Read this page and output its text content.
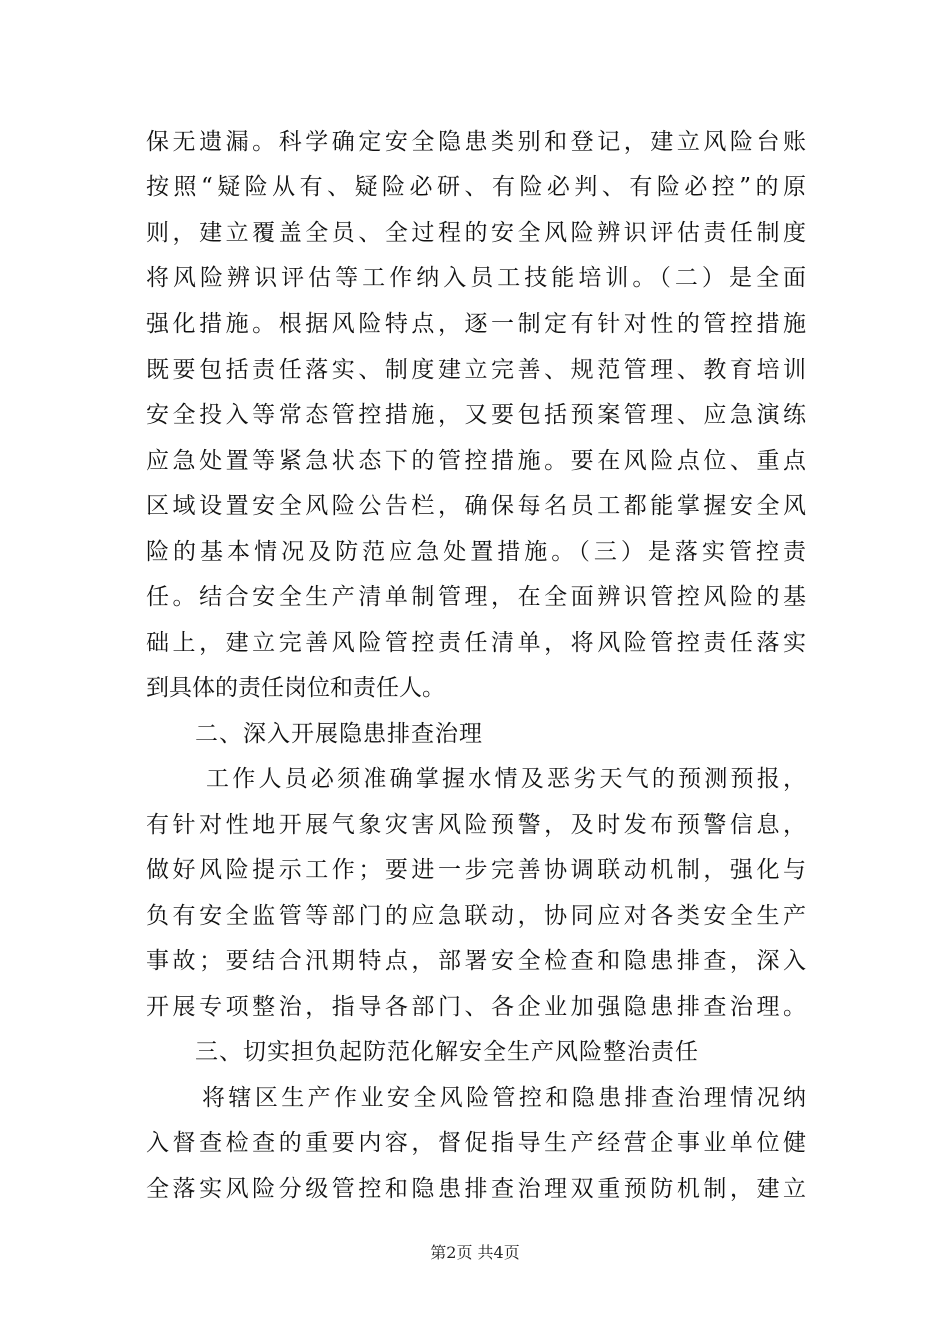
保无遗漏。科学确定安全隐患类别和登记，建立风险台账
按照“疑险从有、疑险必研、有险必判、有险必控”的原
则，建立覆盖全员、全过程的安全风险辨识评估责任制度
将风险辨识评估等工作纳入员工技能培训。（二）是全面
强化措施。根据风险特点，逐一制定有针对性的管控措施
既要包括责任落实、制度建立完善、规范管理、教育培训
安全投入等常态管控措施，又要包括预案管理、应急演练
应急处置等紧急状态下的管控措施。要在风险点位、重点
区域设置安全风险公告栏，确保每名员工都能掌握安全风
险的基本情况及防范应急处置措施。（三）是落实管控责
任。结合安全生产清单制管理，在全面辨识管控风险的基
础上，建立完善风险管控责任清单，将风险管控责任落实
到具体的责任岗位和责任人。
二、深入开展隐患排查治理
工作人员必须准确掌握水情及恶劣天气的预测预报，
有针对性地开展气象灾害风险预警，及时发布预警信息，
做好风险提示工作；要进一步完善协调联动机制，强化与
负有安全监管等部门的应急联动，协同应对各类安全生产
事故；要结合汛期特点，部署安全检查和隐患排查，深入
开展专项整治，指导各部门、各企业加强隐患排查治理。
三、切实担负起防范化解安全生产风险整治责任
将辖区生产作业安全风险管控和隐患排查治理情况纳
入督查检查的重要内容，督促指导生产经营企事业单位健
全落实风险分级管控和隐患排查治理双重预防机制，建立
第2页 共4页
